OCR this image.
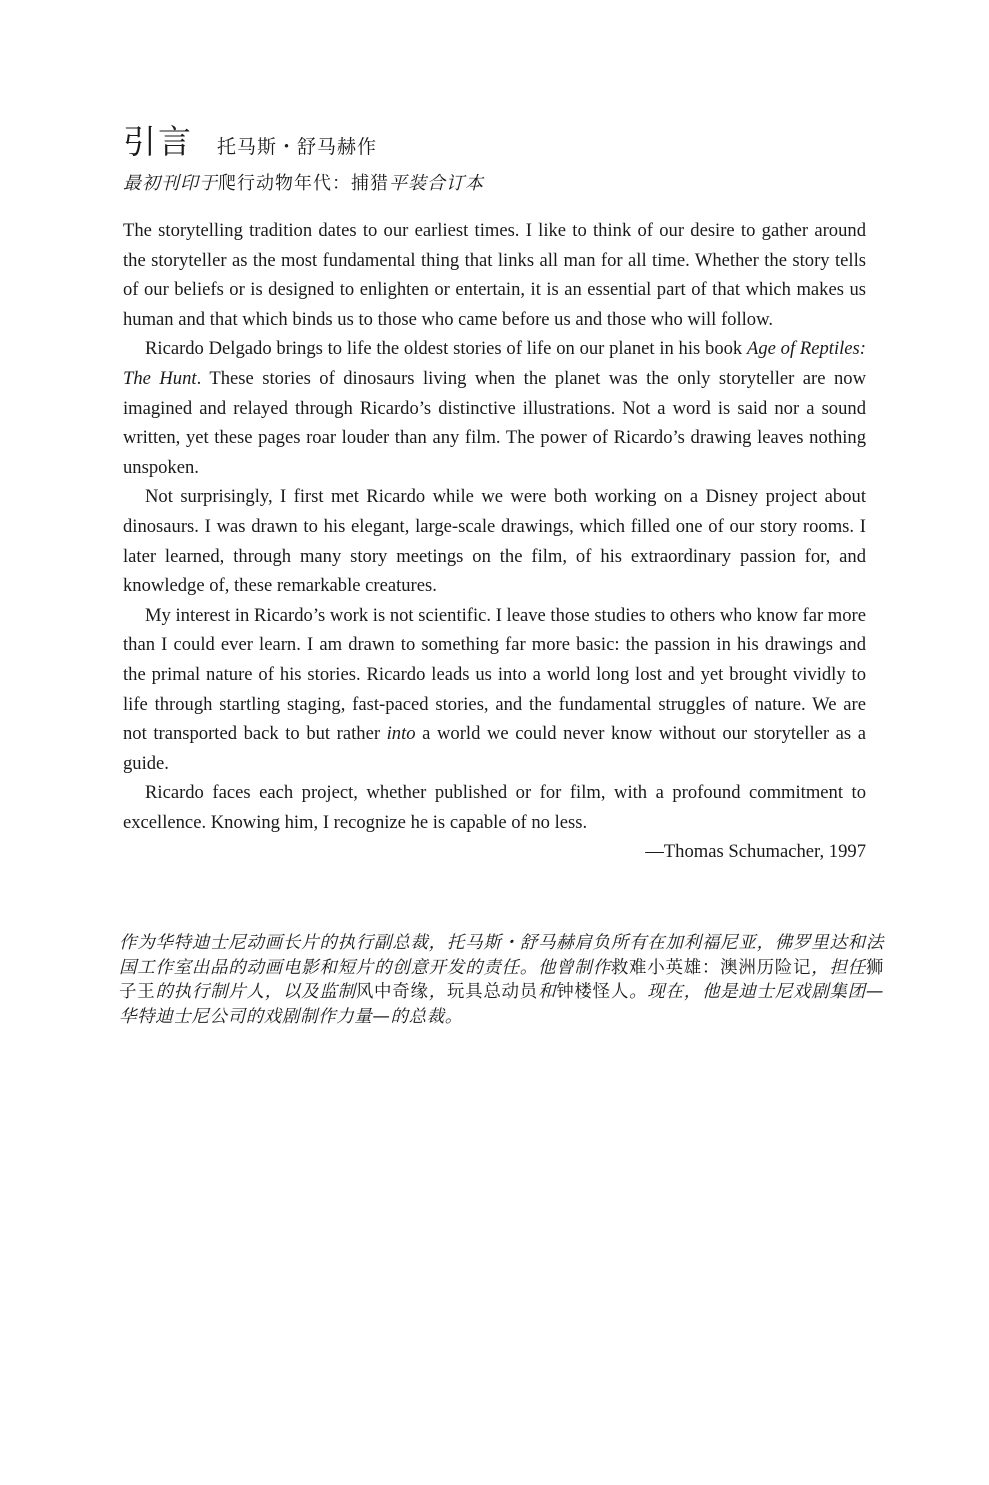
引言 托马斯・舒马赫作
最初刊印于爬行动物年代：捕猎平装合订本

The storytelling tradition dates to our earliest times. I like to think of our desire to gather around the storyteller as the most fundamental thing that links all man for all time. Whether the story tells of our beliefs or is designed to enlighten or entertain, it is an essential part of that which makes us human and that which binds us to those who came before us and those who will follow.

Ricardo Delgado brings to life the oldest stories of life on our planet in his book Age of Reptiles: The Hunt. These stories of dinosaurs living when the planet was the only storyteller are now imagined and relayed through Ricardo’s distinctive illustrations. Not a word is said nor a sound written, yet these pages roar louder than any film. The power of Ricardo’s drawing leaves nothing unspoken.

Not surprisingly, I first met Ricardo while we were both working on a Disney project about dinosaurs. I was drawn to his elegant, large-scale drawings, which filled one of our story rooms. I later learned, through many story meetings on the film, of his extraordinary passion for, and knowledge of, these remarkable creatures.

My interest in Ricardo’s work is not scientific. I leave those studies to others who know far more than I could ever learn. I am drawn to something far more basic: the passion in his drawings and the primal nature of his stories. Ricardo leads us into a world long lost and yet brought vividly to life through startling staging, fast-paced stories, and the fundamental struggles of nature. We are not transported back to but rather into a world we could never know without our storyteller as a guide.

Ricardo faces each project, whether published or for film, with a profound commitment to excellence. Knowing him, I recognize he is capable of no less.

—Thomas Schumacher, 1997
作为华特迪士尼动画长片的执行副总裁，托马斯・舒马赫肩负所有在加利福尼亚，佛罗里达和法国工作室出品的动画电影和短片的创意开发的责任。他曾制作救难小英雄：澳洲历险记，担任狮子王的执行制片人，以及监制风中奇缘，玩具总动员和钟楼怪人。现在，他是迪士尼戏剧集团—华特迪士尼公司的戏剧制作力量—的总裁。
